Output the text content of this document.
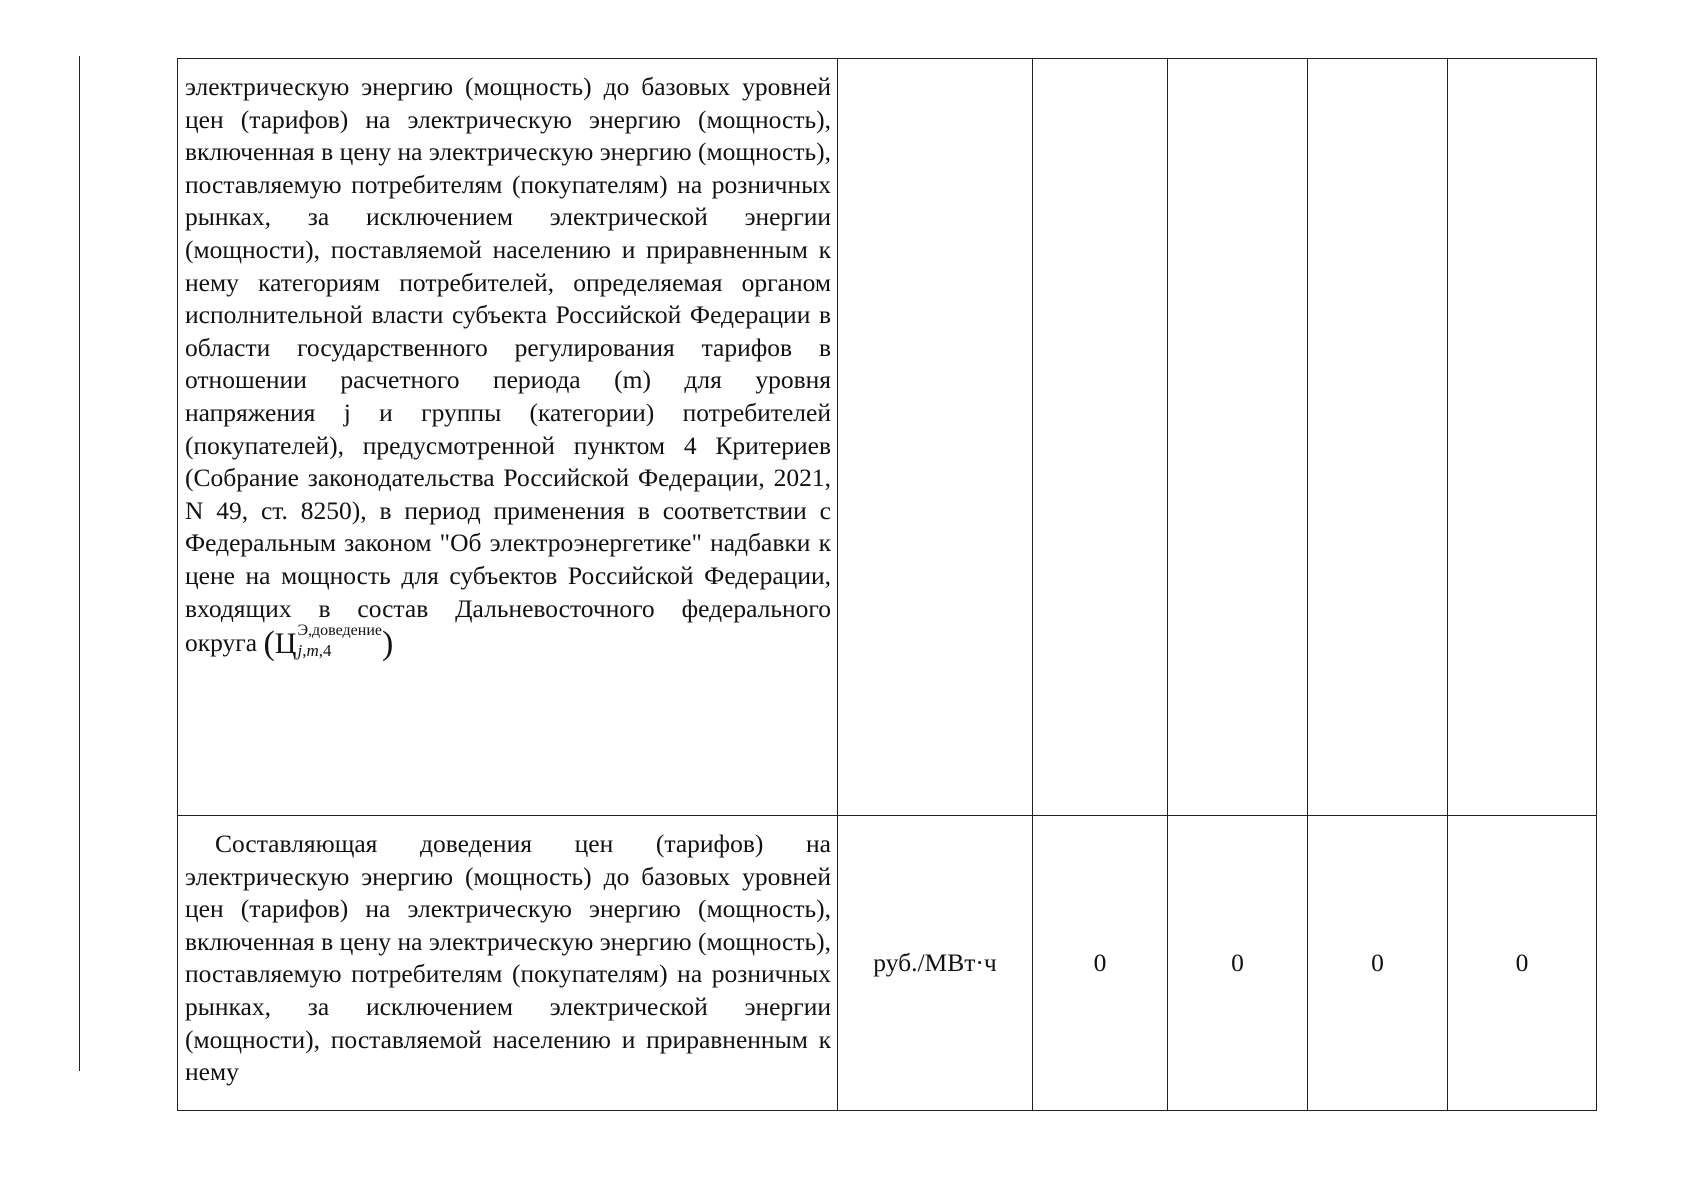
электрическую энергию (мощность) до базовых уровней цен (тарифов) на электрическую энергию (мощность), включенная в цену на электрическую энергию (мощность), поставляемую потребителям (покупателям) на розничных рынках, за исключением электрической энергии (мощности), поставляемой населению и приравненным к нему категориям потребителей, определяемая органом исполнительной власти субъекта Российской Федерации в области государственного регулирования тарифов в отношении расчетного периода (m) для уровня напряжения j и группы (категории) потребителей (покупателей), предусмотренной пунктом 4 Критериев (Собрание законодательства Российской Федерации, 2021, N 49, ст. 8250), в период применения в соответствии с Федеральным законом "Об электроэнергетике" надбавки к цене на мощность для субъектов Российской Федерации, входящих в состав Дальневосточного федерального округа (Ц Э,доведение
j,m,4 )					

Составляющая доведения цен (тарифов) на электрическую энергию (мощность) до базовых уровней цен (тарифов) на электрическую энергию (мощность), включенная в цену на электрическую энергию (мощность), поставляемую потребителям (покупателям) на розничных рынках, за исключением электрической энергии (мощности), поставляемой населению и приравненным к нему	руб./МВт·ч	0	0	0	0
